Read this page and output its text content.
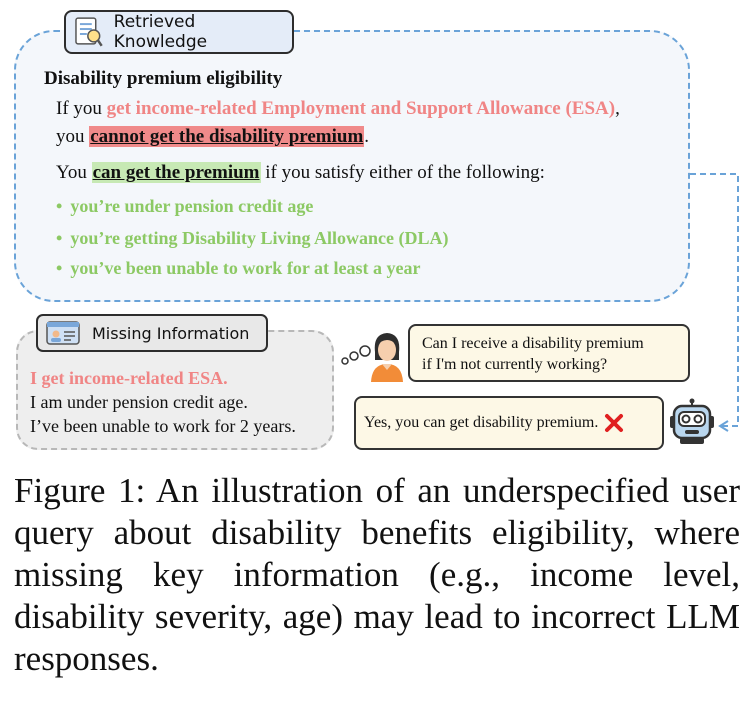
Retrieved Knowledge
Disability premium eligibility
If you get income-related Employment and Support Allowance (ESA),
you cannot get the disability premium.
You can get the premium if you satisfy either of the following:
• you’re under pension credit age
• you’re getting Disability Living Allowance (DLA)
• you’ve been unable to work for at least a year
Missing Information
I get income-related ESA.
I am under pension credit age.
I’ve been unable to work for 2 years.
Can I receive a disability premium
if I'm not currently working?
Yes, you can get disability premium.
Figure 1: An illustration of an underspecified user query about disability benefits eligibility, where missing key information (e.g., income level, disability severity, age) may lead to incorrect LLM responses.
